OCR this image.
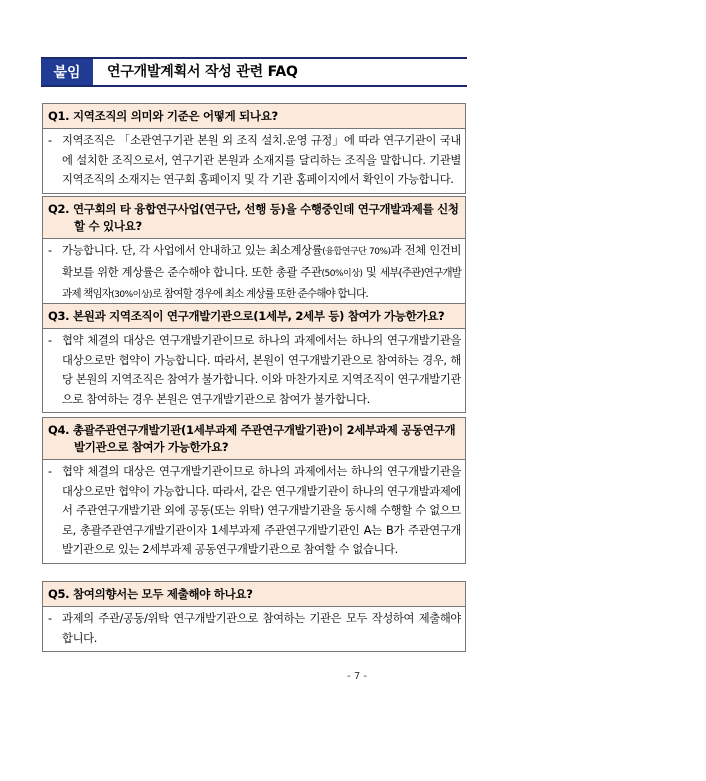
붙임	연구개발계획서 작성 관련 FAQ
Q1. 지역조직의 의미와 기준은 어떻게 되나요?
- 지역조직은 「소관연구기관 본원 외 조직 설치․운영 규정」에 따라 연구기관이 국내에 설치한 조직으로서, 연구기관 본원과 소재지를 달리하는 조직을 말합니다. 기관별 지역조직의 소재지는 연구회 홈페이지 및 각 기관 홈페이지에서 확인이 가능합니다.
Q2. 연구회의 타 융합연구사업(연구단, 선행 등)을 수행중인데 연구개발과제를 신청할 수 있나요?
- 가능합니다. 단, 각 사업에서 안내하고 있는 최소계상률(융합연구단 70%)과 전체 인건비 확보를 위한 계상률은 준수해야 합니다. 또한 총괄 주관(50%이상) 및 세부(주관)연구개발과제 책임자(30%이상)로 참여할 경우에 최소 계상률 또한 준수해야 합니다.
Q3. 본원과 지역조직이 연구개발기관으로(1세부, 2세부 등) 참여가 가능한가요?
- 협약 체결의 대상은 연구개발기관이므로 하나의 과제에서는 하나의 연구개발기관을 대상으로만 협약이 가능합니다. 따라서, 본원이 연구개발기관으로 참여하는 경우, 해당 본원의 지역조직은 참여가 불가합니다. 이와 마찬가지로 지역조직이 연구개발기관으로 참여하는 경우 본원은 연구개발기관으로 참여가 불가합니다.
Q4. 총괄주관연구개발기관(1세부과제 주관연구개발기관)이 2세부과제 공동연구개발기관으로 참여가 가능한가요?
- 협약 체결의 대상은 연구개발기관이므로 하나의 과제에서는 하나의 연구개발기관을 대상으로만 협약이 가능합니다. 따라서, 같은 연구개발기관이 하나의 연구개발과제에서 주관연구개발기관 외에 공동(또는 위탁) 연구개발기관을 동시해 수행할 수 없으므로, 총괄주관연구개발기관이자 1세부과제 주관연구개발기관인 A는 B가 주관연구개발기관으로 있는 2세부과제 공동연구개발기관으로 참여할 수 없습니다.
Q5. 참여의향서는 모두 제출해야 하나요?
- 과제의 주관/공동/위탁 연구개발기관으로 참여하는 기관은 모두 작성하여 제출해야 합니다.
- 7 -
